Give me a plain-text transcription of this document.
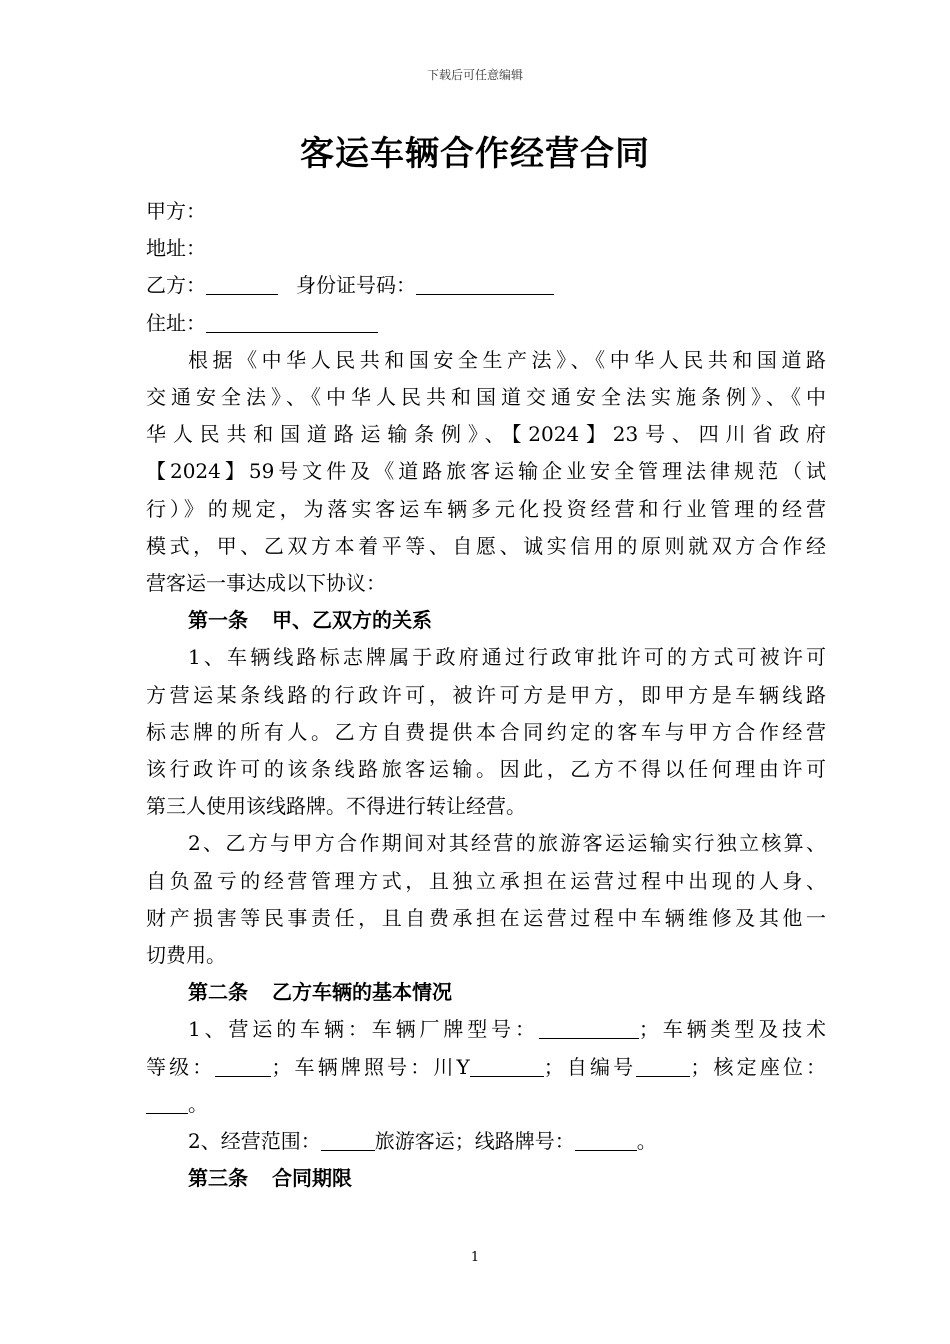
下载后可任意编辑
客运车辆合作经营合同
甲方：
地址：
乙方：	身份证号码：
住址：
根据《中华人民共和国安全生产法》、《中华人民共和国道路
交通安全法》、《中华人民共和国道交通安全法实施条例》、《中
华人民共和国道路运输条例》、【2024】23号、四川省政府
【2024】59号文件及《道路旅客运输企业安全管理法律规范（试
行）》的规定，为落实客运车辆多元化投资经营和行业管理的经营
模式，甲、乙双方本着平等、自愿、诚实信用的原则就双方合作经
营客运一事达成以下协议：
第一条 甲、乙双方的关系
1、车辆线路标志牌属于政府通过行政审批许可的方式可被许可
方营运某条线路的行政许可，被许可方是甲方，即甲方是车辆线路
标志牌的所有人。乙方自费提供本合同约定的客车与甲方合作经营
该行政许可的该条线路旅客运输。因此，乙方不得以任何理由许可
第三人使用该线路牌。不得进行转让经营。
2、乙方与甲方合作期间对其经营的旅游客运运输实行独立核算、
自负盈亏的经营管理方式，且独立承担在运营过程中出现的人身、
财产损害等民事责任，且自费承担在运营过程中车辆维修及其他一
切费用。
第二条 乙方车辆的基本情况
1、营运的车辆：车辆厂牌型号：	；车辆类型及技术
等级：	；车辆牌照号：川Y	；自编号	；核定座位：
。
2、经营范围：	旅游客运；线路牌号：	。
第三条 合同期限
1
